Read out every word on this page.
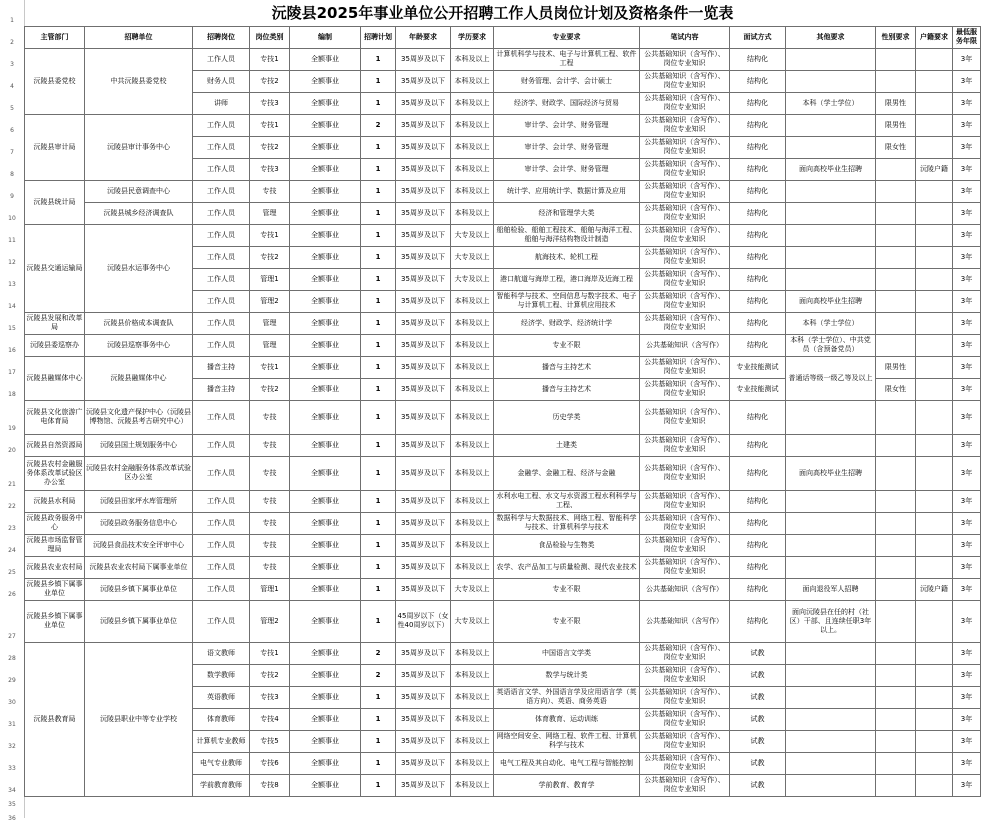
1
2
3
4
5
6
7
8
9
10
11
12
13
14
15
16
17
18
19
20
21
22
23
24
25
26
27
28
29
30
31
32
33
34
35
36
沅陵县2025年事业单位公开招聘工作人员岗位计划及资格条件一览表														
主管部门	招聘单位	招聘岗位	岗位类别	编制	招聘计划	年龄要求	学历要求	专业要求	笔试内容	面试方式	其他要求	性别要求	户籍要求	最低服务年限
沅陵县委党校	中共沅陵县委党校	工作人员	专技1	全额事业	1	35周岁及以下	本科及以上	计算机科学与技术、电子与计算机工程、软件工程	公共基础知识（含写作）、岗位专业知识	结构化				3年
		财务人员	专技2	全额事业	1	35周岁及以下	本科及以上	财务管理、会计学、会计硕士	公共基础知识（含写作）、岗位专业知识	结构化				3年
		讲师	专技3	全额事业	1	35周岁及以下	本科及以上	经济学、财政学、国际经济与贸易	公共基础知识（含写作）、岗位专业知识	结构化	本科（学士学位）	限男性		3年
沅陵县审计局	沅陵县审计事务中心	工作人员	专技1	全额事业	2	35周岁及以下	本科及以上	审计学、会计学、财务管理	公共基础知识（含写作）、岗位专业知识	结构化		限男性		3年
		工作人员	专技2	全额事业	1	35周岁及以下	本科及以上	审计学、会计学、财务管理	公共基础知识（含写作）、岗位专业知识	结构化		限女性		3年
		工作人员	专技3	全额事业	1	35周岁及以下	本科及以上	审计学、会计学、财务管理	公共基础知识（含写作）、岗位专业知识	结构化	面向高校毕业生招聘		沅陵户籍	3年
沅陵县统计局	沅陵县民意调查中心	工作人员	专技	全额事业	1	35周岁及以下	本科及以上	统计学、应用统计学、数据计算及应用	公共基础知识（含写作）、岗位专业知识	结构化				3年
	沅陵县城乡经济调查队	工作人员	管理	全额事业	1	35周岁及以下	本科及以上	经济和管理学大类	公共基础知识（含写作）、岗位专业知识	结构化				3年
沅陵县交通运输局	沅陵县水运事务中心	工作人员	专技1	全额事业	1	35周岁及以下	大专及以上	船舶检验、船舶工程技术、船舶与海洋工程、船舶与海洋结构物设计制造	公共基础知识（含写作）、岗位专业知识	结构化				3年
		工作人员	专技2	全额事业	1	35周岁及以下	大专及以上	航海技术、轮机工程	公共基础知识（含写作）、岗位专业知识	结构化				3年
		工作人员	管理1	全额事业	1	35周岁及以下	大专及以上	港口航道与海岸工程，港口海岸及近海工程	公共基础知识（含写作）、岗位专业知识	结构化				3年
		工作人员	管理2	全额事业	1	35周岁及以下	本科及以上	智能科学与技术、空间信息与数字技术、电子与计算机工程、计算机应用技术	公共基础知识（含写作）、岗位专业知识	结构化	面向高校毕业生招聘			3年
沅陵县发展和改革局	沅陵县价格成本调查队	工作人员	管理	全额事业	1	35周岁及以下	本科及以上	经济学、财政学、经济统计学	公共基础知识（含写作）、岗位专业知识	结构化	本科（学士学位）			3年
沅陵县委巡察办	沅陵县巡察事务中心	工作人员	管理	全额事业	1	35周岁及以下	本科及以上	专业不限	公共基础知识（含写作）	结构化	本科（学士学位）、中共党员（含预备党员）			3年
沅陵县融媒体中心	沅陵县融媒体中心	播音主持	专技1	全额事业	1	35周岁及以下	本科及以上	播音与主持艺术	公共基础知识（含写作）、岗位专业知识	专业技能测试	普通话等级一级乙等及以上	限男性		3年
		播音主持	专技2	全额事业	1	35周岁及以下	本科及以上	播音与主持艺术	公共基础知识（含写作）、岗位专业知识	专业技能测试		限女性		3年
沅陵县文化旅游广电体育局	沅陵县文化遗产保护中心（沅陵县博物馆、沅陵县考古研究中心）	工作人员	专技	全额事业	1	35周岁及以下	本科及以上	历史学类	公共基础知识（含写作）、岗位专业知识	结构化				3年
沅陵县自然资源局	沅陵县国土规划服务中心	工作人员	专技	全额事业	1	35周岁及以下	本科及以上	土建类	公共基础知识（含写作）、岗位专业知识	结构化				3年
沅陵县农村金融服务体系改革试验区办公室	沅陵县农村金融服务体系改革试验区办公室	工作人员	专技	全额事业	1	35周岁及以下	本科及以上	金融学、金融工程、经济与金融	公共基础知识（含写作）、岗位专业知识	结构化	面向高校毕业生招聘			3年
沅陵县水利局	沅陵县田家坪水库管理所	工作人员	专技	全额事业	1	35周岁及以下	本科及以上	水利水电工程、水文与水资源工程水利科学与工程、	公共基础知识（含写作）、岗位专业知识	结构化				3年
沅陵县政务服务中心	沅陵县政务服务信息中心	工作人员	专技	全额事业	1	35周岁及以下	本科及以上	数据科学与大数据技术、网络工程、智能科学与技术、计算机科学与技术	公共基础知识（含写作）、岗位专业知识	结构化				3年
沅陵县市场监督管理局	沅陵县食品技术安全评审中心	工作人员	专技	全额事业	1	35周岁及以下	本科及以上	食品检验与生物类	公共基础知识（含写作）、岗位专业知识	结构化				3年
沅陵县农业农村局	沅陵县农业农村局下属事业单位	工作人员	专技	全额事业	1	35周岁及以下	本科及以上	农学、农产品加工与质量检测、现代农业技术	公共基础知识（含写作）、岗位专业知识	结构化				3年
沅陵县乡镇下属事业单位	沅陵县乡镇下属事业单位	工作人员	管理1	全额事业	1	35周岁及以下	大专及以上	专业不限	公共基础知识（含写作）	结构化	面向退役军人招聘		沅陵户籍	3年
沅陵县乡镇下属事业单位	沅陵县乡镇下属事业单位	工作人员	管理2	全额事业	1	45周岁以下（女性40周岁以下）	大专及以上	专业不限	公共基础知识（含写作）	结构化	面向沅陵县在任的村（社区）干部、且连续任职3年以上。			3年
沅陵县教育局	沅陵县职业中等专业学校	语文教师	专技1	全额事业	2	35周岁及以下	本科及以上	中国语言文学类	公共基础知识（含写作）、岗位专业知识	试教				3年
		数学教师	专技2	全额事业	2	35周岁及以下	本科及以上	数学与统计类	公共基础知识（含写作）、岗位专业知识	试教				3年
		英语教师	专技3	全额事业	1	35周岁及以下	本科及以上	英语语言文学、外国语言学及应用语言学（英语方向）、英语、商务英语	公共基础知识（含写作）、岗位专业知识	试教				3年
		体育教师	专技4	全额事业	1	35周岁及以下	本科及以上	体育教育、运动训练	公共基础知识（含写作）、岗位专业知识	试教				3年
		计算机专业教师	专技5	全额事业	1	35周岁及以下	本科及以上	网络空间安全、网络工程、软件工程、计算机科学与技术	公共基础知识（含写作）、岗位专业知识	试教				3年
		电气专业教师	专技6	全额事业	1	35周岁及以下	本科及以上	电气工程及其自动化、电气工程与智能控制	公共基础知识（含写作）、岗位专业知识	试教				3年
		学前教育教师	专技8	全额事业	1	35周岁及以下	本科及以上	学前教育、教育学	公共基础知识（含写作）、岗位专业知识	试教				3年
